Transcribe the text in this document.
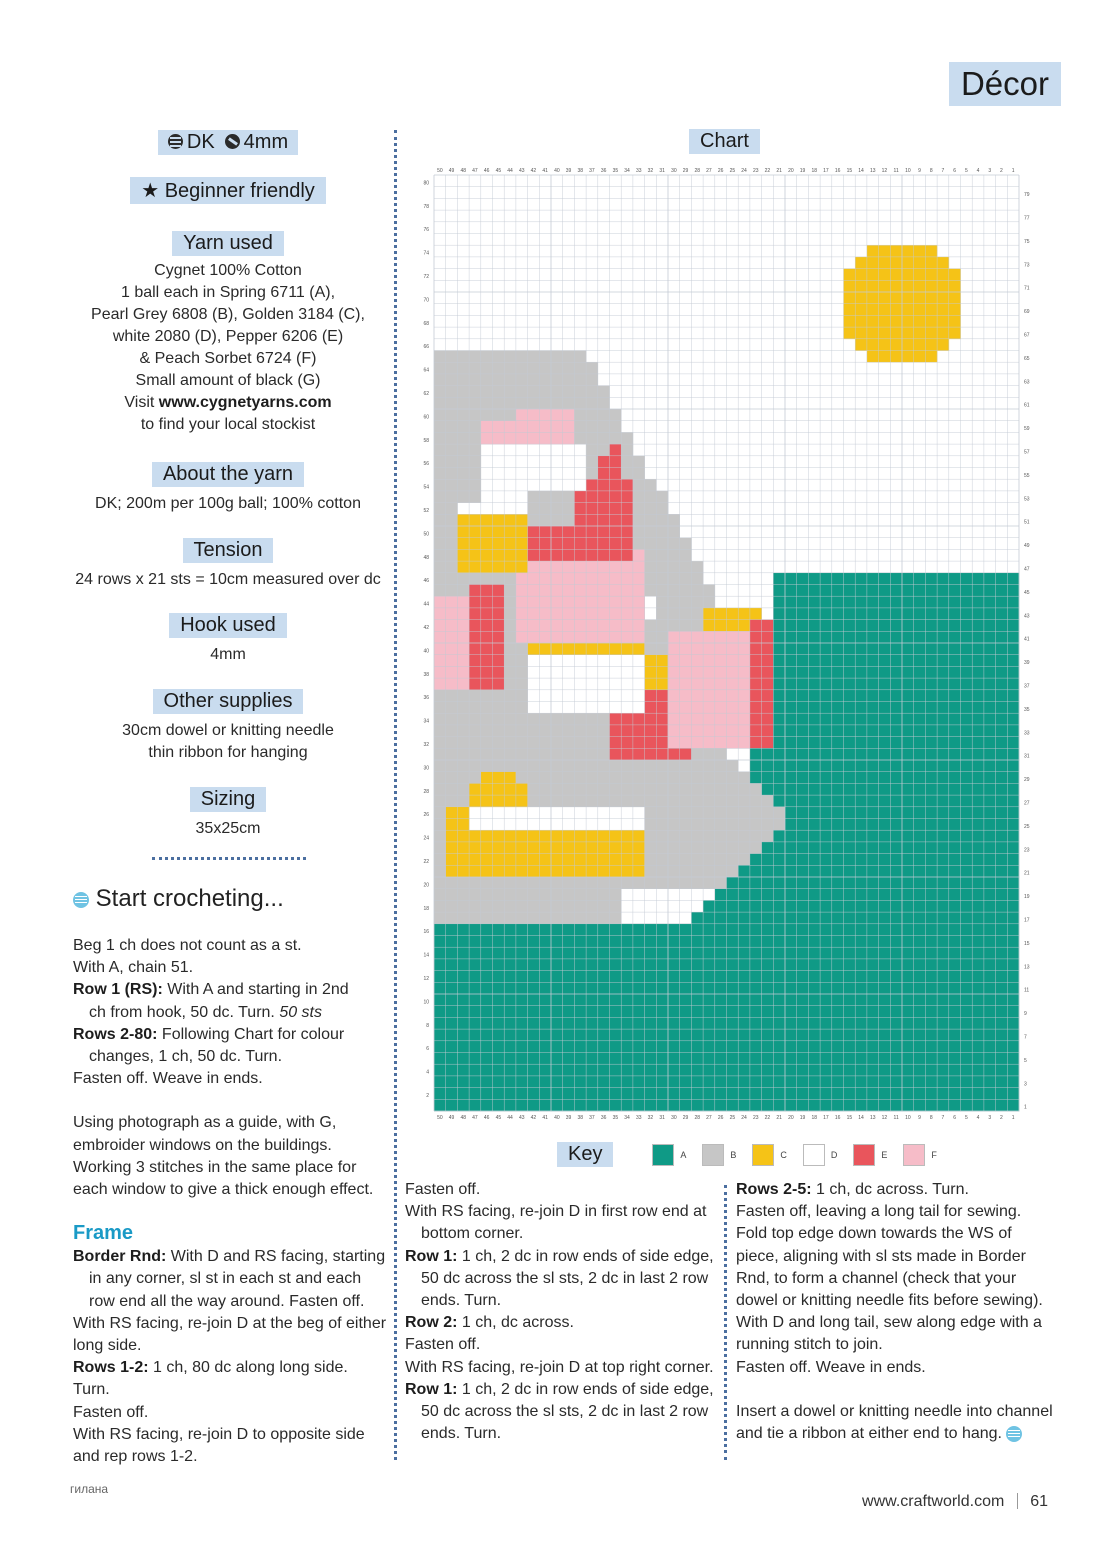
Décor
DK 4mm
★ Beginner friendly
Yarn used
Cygnet 100% Cotton
1 ball each in Spring 6711 (A),
Pearl Grey 6808 (B), Golden 3184 (C),
white 2080 (D), Pepper 6206 (E)
& Peach Sorbet 6724 (F)
Small amount of black (G)
Visit www.cygnetyarns.com
to find your local stockist
About the yarn
DK; 200m per 100g ball; 100% cotton
Tension
24 rows x 21 sts = 10cm measured over dc
Hook used
4mm
Other supplies
30cm dowel or knitting needle
thin ribbon for hanging
Sizing
35x25cm
Start crocheting...

Beg 1 ch does not count as a st.

With A, chain 51.

Row 1 (RS): With A and starting in 2nd

ch from hook, 50 dc. Turn. 50 sts

Rows 2-80: Following Chart for colour

changes, 1 ch, 50 dc. Turn.

Fasten off. Weave in ends.

Using photograph as a guide, with G,

embroider windows on the buildings.

Working 3 stitches in the same place for

each window to give a thick enough effect.

Frame

Border Rnd: With D and RS facing, starting in any corner, sl st in each st and each row end all the way around. Fasten off.

With RS facing, re-join D at the beg of either long side.

Rows 1-2: 1 ch, 80 dc along long side. Turn.

Fasten off.

With RS facing, re-join D to opposite side and rep rows 1-2.

Chart
50
50
49
49
48
48
47
47
46
46
45
45
44
44
43
43
42
42
41
41
40
40
39
39
38
38
37
37
36
36
35
35
34
34
33
33
32
32
31
31
30
30
29
29
28
28
27
27
26
26
25
25
24
24
23
23
22
22
21
21
20
20
19
19
18
18
17
17
16
16
15
15
14
14
13
13
12
12
11
11
10
10
9
9
8
8
7
7
6
6
5
5
4
4
3
3
2
2
1
1
80
78
76
74
72
70
68
66
64
62
60
58
56
54
52
50
48
46
44
42
40
38
36
34
32
30
28
26
24
22
20
18
16
14
12
10
8
6
4
2
79
77
75
73
71
69
67
65
63
61
59
57
55
53
51
49
47
45
43
41
39
37
35
33
31
29
27
25
23
21
19
17
15
13
11
9
7
5
3
1
Key	A	B	C	D	E	F

Fasten off.

With RS facing, re-join D in first row end at bottom corner.

Row 1: 1 ch, 2 dc in row ends of side edge, 50 dc across the sl sts, 2 dc in last 2 row ends. Turn.

Row 2: 1 ch, dc across.

Fasten off.

With RS facing, re-join D at top right corner.

Row 1: 1 ch, 2 dc in row ends of side edge, 50 dc across the sl sts, 2 dc in last 2 row ends. Turn.

Rows 2-5: 1 ch, dc across. Turn.

Fasten off, leaving a long tail for sewing. Fold top edge down towards the WS of piece, aligning with sl sts made in Border Rnd, to form a channel (check that your dowel or knitting needle fits before sewing).

With D and long tail, sew along edge with a running stitch to join.

Fasten off. Weave in ends.

Insert a dowel or knitting needle into channel and tie a ribbon at either end to hang.

гилана
www.craftworld.com 61
